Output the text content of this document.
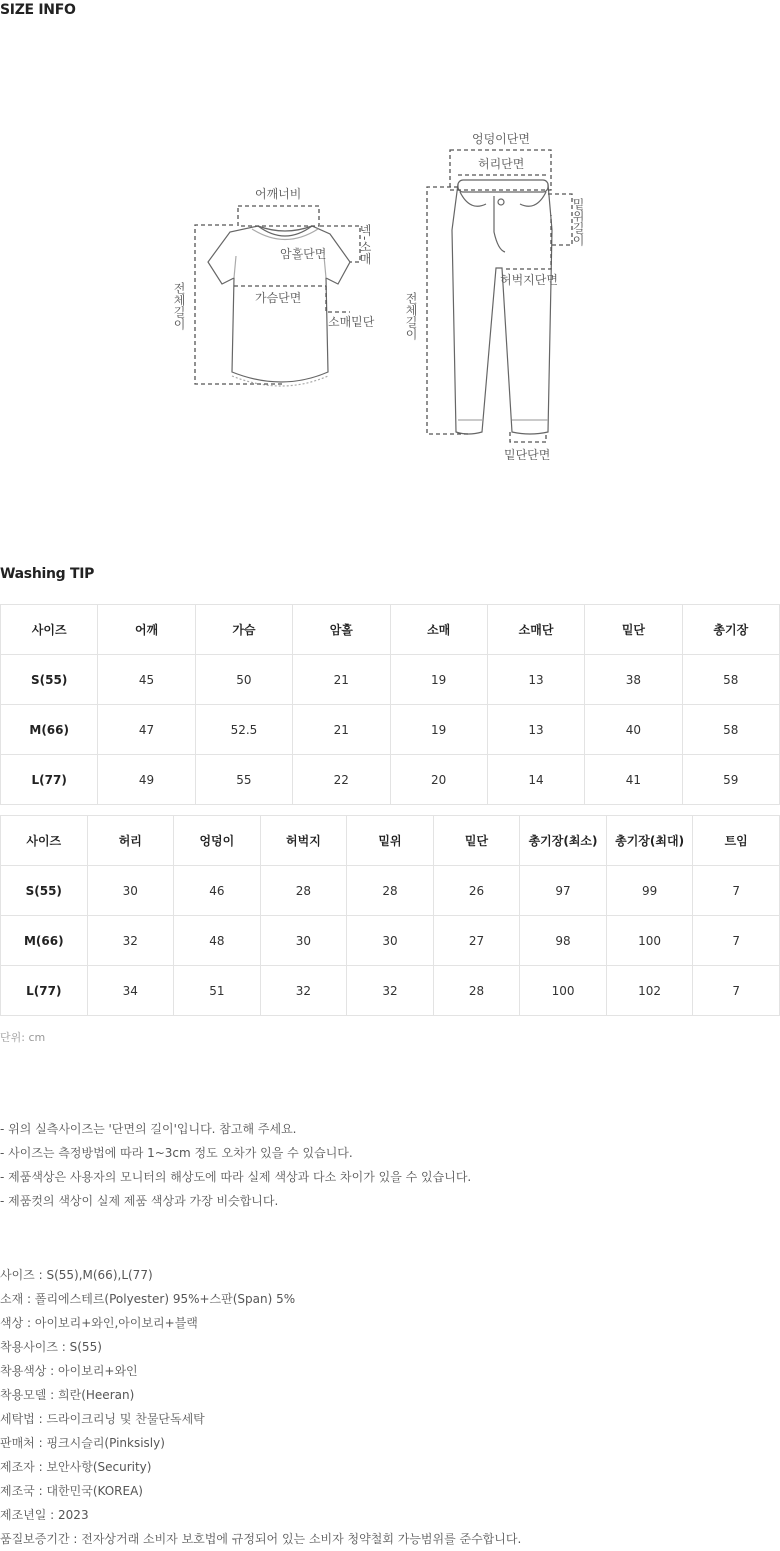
SIZE INFO
어깨너비
암홀단면
가슴단면
소매밑단
넥-소매
전체길이
엉덩이단면
허리단면
허벅지단면
밑단단면
밑위길이
전체길이
Washing TIP
사이즈	어깨	가슴	암홀	소매	소매단	밑단	총기장
S(55)	45	50	21	19	13	38	58
M(66)	47	52.5	21	19	13	40	58
L(77)	49	55	22	20	14	41	59
사이즈	허리	엉덩이	허벅지	밑위	밑단	총기장(최소)	총기장(최대)	트임
S(55)	30	46	28	28	26	97	99	7
M(66)	32	48	30	30	27	98	100	7
L(77)	34	51	32	32	28	100	102	7
단위: cm
- 위의 실측사이즈는 '단면의 길이'입니다. 참고해 주세요.
- 사이즈는 측정방법에 따라 1~3cm 정도 오차가 있을 수 있습니다.
- 제품색상은 사용자의 모니터의 해상도에 따라 실제 색상과 다소 차이가 있을 수 있습니다.
- 제품컷의 색상이 실제 제품 색상과 가장 비슷합니다.
사이즈 : S(55),M(66),L(77)
소재 : 폴리에스테르(Polyester) 95%+스판(Span) 5%
색상 : 아이보리+와인,아이보리+블랙
착용사이즈 : S(55)
착용색상 : 아이보리+와인
착용모델 : 희란(Heeran)
세탁법 : 드라이크리닝 및 찬물단독세탁
판매처 : 핑크시슬리(Pinksisly)
제조자 : 보안사항(Security)
제조국 : 대한민국(KOREA)
제조년일 : 2023
품질보증기간 : 전자상거래 소비자 보호법에 규정되어 있는 소비자 청약철회 가능범위를 준수합니다.
